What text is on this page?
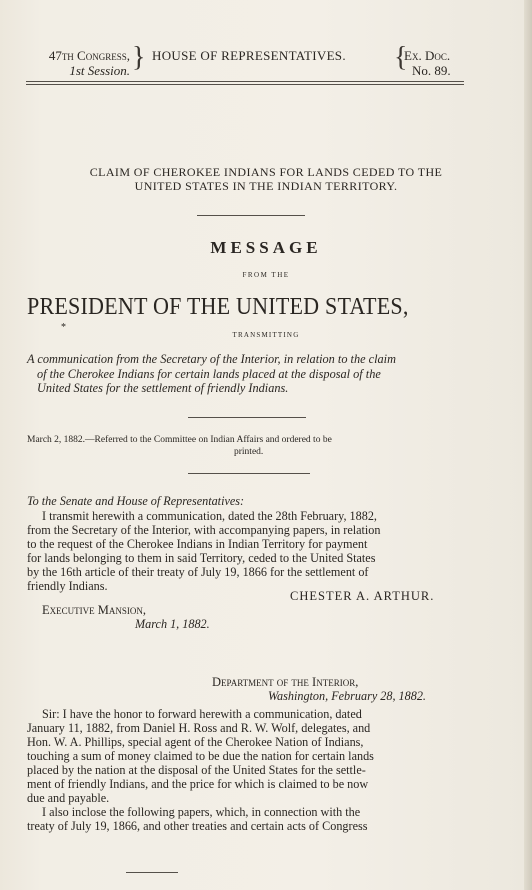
47th Congress,
1st Session. } HOUSE OF REPRESENTATIVES. {
Ex. Doc.
No. 89.
CLAIM OF CHEROKEE INDIANS FOR LANDS CEDED TO THE
UNITED STATES IN THE INDIAN TERRITORY.
MESSAGE
FROM THE
PRESIDENT OF THE UNITED STATES,
*
TRANSMITTING
A communication from the Secretary of the Interior, in relation to the claim
of the Cherokee Indians for certain lands placed at the disposal of the
United States for the settlement of friendly Indians.
March 2, 1882.—Referred to the Committee on Indian Affairs and ordered to be
printed.
To the Senate and House of Representatives:
I transmit herewith a communication, dated the 28th February, 1882,
from the Secretary of the Interior, with accompanying papers, in relation
to the request of the Cherokee Indians in Indian Territory for payment
for lands belonging to them in said Territory, ceded to the United States
by the 16th article of their treaty of July 19, 1866 for the settlement of
friendly Indians.
CHESTER A. ARTHUR.
Executive Mansion,
March 1, 1882.
Department of the Interior,
Washington, February 28, 1882.
Sir: I have the honor to forward herewith a communication, dated
January 11, 1882, from Daniel H. Ross and R. W. Wolf, delegates, and
Hon. W. A. Phillips, special agent of the Cherokee Nation of Indians,
touching a sum of money claimed to be due the nation for certain lands
placed by the nation at the disposal of the United States for the settle-
ment of friendly Indians, and the price for which is claimed to be now
due and payable.
I also inclose the following papers, which, in connection with the
treaty of July 19, 1866, and other treaties and certain acts of Congress
